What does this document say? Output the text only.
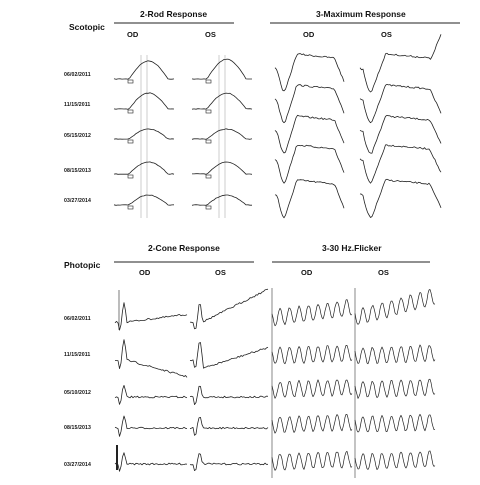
Scotopic
2-Rod Response	3-Maximum Response
OD	OS	OD	OS
06/02/2011
11/15/2011
05/15/2012
08/15/2013
03/27/2014
Photopic
2-Cone Response	3-30 Hz.Flicker
OD	OS	OD	OS
06/02/2011
11/15/2011
05/10/2012
08/15/2013
03/27/2014
